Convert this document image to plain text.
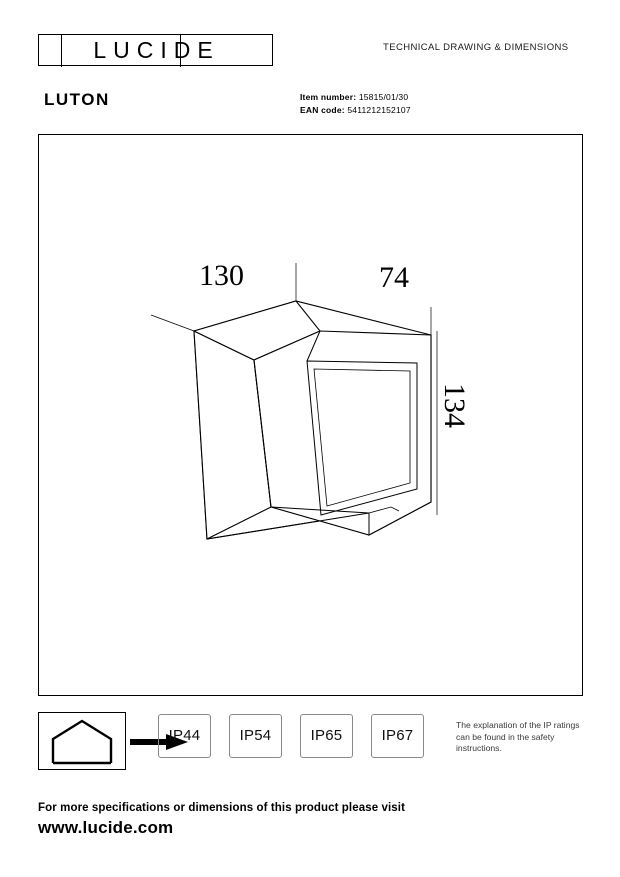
LUCIDE	TECHNICAL DRAWING & DIMENSIONS
LUTON	Item number: 15815/01/30
EAN code: 5411212152107
130	74
134
IP44	IP54	IP65	IP67
The explanation of the IP ratings can be found in the safety instructions.
For more specifications or dimensions of this product please visit
www.lucide.com
